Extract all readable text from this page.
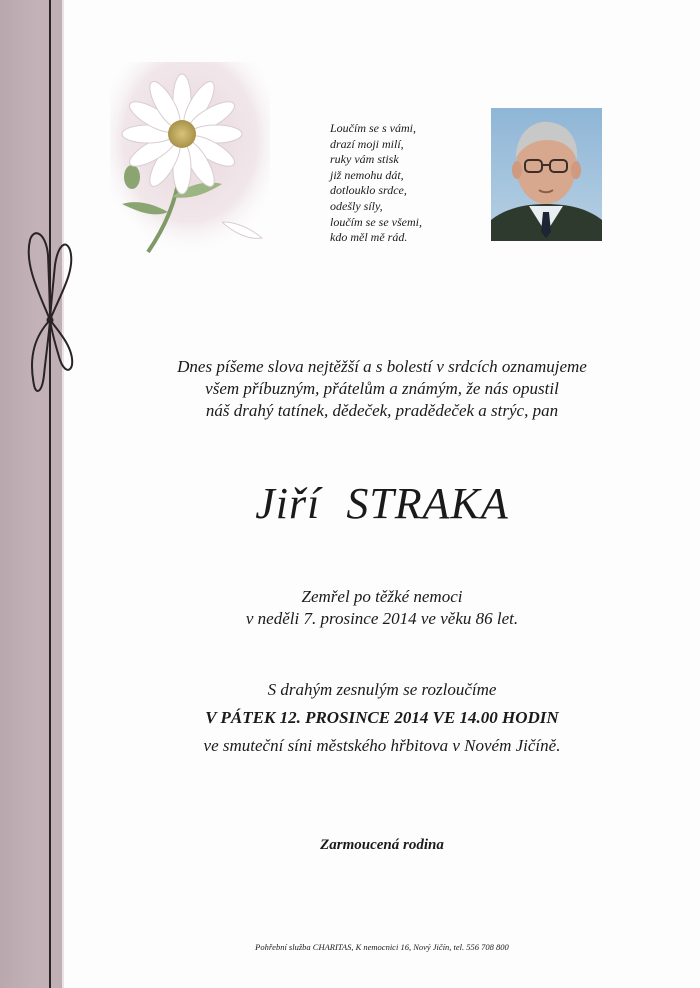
Loučím se s vámi,
drazí moji milí,
ruky vám stisk
již nemohu dát,
dotlouklo srdce,
odešly síly,
loučím se se všemi,
kdo měl mě rád.
Dnes píšeme slova nejtěžší a s bolestí v srdcích oznamujeme
všem příbuzným, přátelům a známým, že nás opustil
náš drahý tatínek, dědeček, pradědeček a strýc, pan
Jiří STRAKA
Zemřel po těžké nemoci
v neděli 7. prosince 2014 ve věku 86 let.
S drahým zesnulým se rozloučíme
V PÁTEK 12. PROSINCE 2014 VE 14.00 HODIN
ve smuteční síni městského hřbitova v Novém Jičíně.
Zarmoucená rodina
Pohřební služba CHARITAS, K nemocnici 16, Nový Jičín, tel. 556 708 800
